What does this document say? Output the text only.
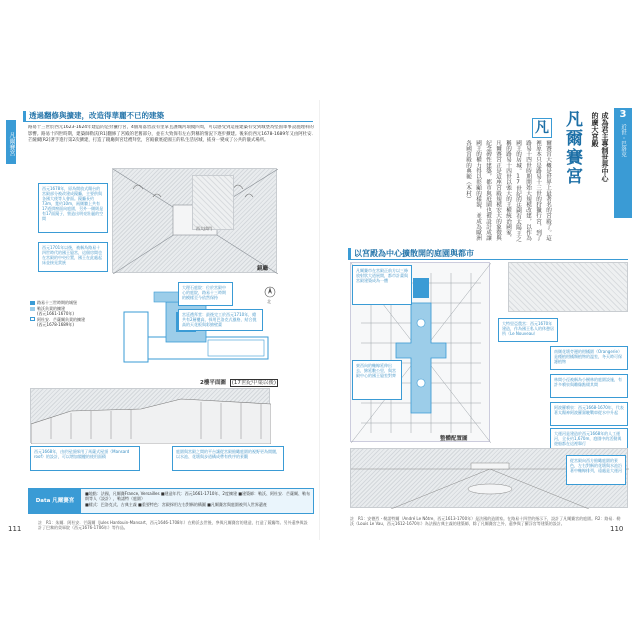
凡爾賽宮
透過翻修與擴建，改造得華麗不已的建築
路易十三世於西元1623-1624年建造的是狩獵行宮，4個角落皆設有里拿且護城河環繞四周，可以感受到這座建築有受到城堡為堅固軍事設施理科的影響。路易十四世時期，建築師勒沃[R1]翻修了宮殿的老舊部分，並在大致保有左右對稱的情況下逐步擴建。後來於西元1678-1689年又由阿杜安．芒薩爾[R2]著手進行第2次擴建，打造了鏡廳與宮廷禮拜堂，宮殿徹底從國王的私生活居城，搖身一變成了公共的儀式場所。
鏡廳
西元1678年，原為開放式陽台的宮殿部分被改建成鏡廳，主要供與各國大使等人會面。鏡廳長約73m，寬約10m，兩側牆上共有17道拱窗面向庭園，另外一側則是有17面鏡子，營造出明亮壯麗的空間
西大拱門
西元1701年以後，被稱為路易十四世時代的國王寢宮，這個房間也在宮殿的中央位置，國王在此處起床並接見貴族
路易十三世時期的城堡
勒沃負責的擴建
(西元1661-1670年)
阿杜安．芒薩爾負責的擴建
(西元1678-1689年)
北
大理石庭院：位於宮殿中心的庭院，路易十三時期的模樣至今依然保持
宮廷禮拜堂：最後完工於西元1710年，總共有2層樓高，採用巴洛克式風格，結合挑高的天花板與彩繪壁畫
2樓平面圖 (17世紀中葉以後)
西元1668年，由於屋頂採用了馬薩式屋頂（Mansard roof）的設計，可以增加閣樓的使用面積
庭園與宮殿之間的平台讓從宮殿俯瞰庭園的視野更為開闊，以水池、花壇與步道構成帶有秩序的景觀
Data 凡爾賽宮
■地點：法國，凡爾賽France, Versailles ■建造年代：西元1661-1710年、2度擴建 ■建築師：勒沃、阿杜安．芒薩爾、勒布朗等人（設計），勒諾特（庭園）
■樣式：巴洛克式、古典主義 ■重要特色：宮殿採用左右對稱的構圖 ■凡爾賽宮與庭園被列入世界遺產
註　R1：朱爾．阿杜安．芒薩爾（Jules Hardouin-Mansart，西元1646-1708年）在勒沃去世後，參與凡爾賽宮的建造，打造了鏡廳等。另外還參與設計了巴黎的榮軍院（西元1676-1706年）等作品。
111
3
近世・巴洛克
成為君主專制世界中心
的廣大宮殿
凡爾賽宮
凡
爾賽宮大概是世界上最著名的宮殿了。這裡原本只是路易十三世的狩獵行宮，到了路易十四世時期開始大規模改建，以作為國王的居城。17世紀的法國有太陽王之稱的路易十四世以強大的王權統治國家，凡爾賽宮正是這座宮殿規模宏大的象徵與紀念碑性建築，都市與庭園也被設計成讓國王的權力得以彰顯的樣貌，並成為歐洲各國宮殿的典範（木村）
以宮殿為中心擴散開的庭園與都市
凡爾賽市在宮殿正前方以三條放射狀大道展開，都市計畫與宮殿建築成為一體
東西向的軸線延伸出去，綿延數公里，與宮殿中心的國王寢室對齊
大特里亞農宮：西元1670年建造，作為國王私人的休憩居所（Le Nouveau）
南側花壇旁邊的柑橘園（Orangerie）是種植柑橘類植物的溫室，冬天時可保護植物
林間小徑被稱為小樹林的庭園設施，有許多噴泉與雕像點綴其間
阿波羅噴泉：西元1668-1670年，代表著太陽神阿波羅駕駛戰車從水中升起
大運河是建造於西元1668年的人工運河，全長約1,670m，庭園中的活動與遊船都在這裡舉行
整體配置圖
從宮殿向西方俯瞰庭園的景色，左右對稱的花壇與水池沿著中軸線排列，遠處是大運河
註　R1：安德烈・勒諾特爾（André Le Nôtre，西元1613-1700年）是法國的造園家。在路易十四世的指示下，設計了凡爾賽宮的庭園。R2：路易．勒沃（Louis Le Vau，西元1612-1670年）為法國古典主義的建築師，除了凡爾賽宮之外，還參與了羅浮宮等建築的設計。
110
